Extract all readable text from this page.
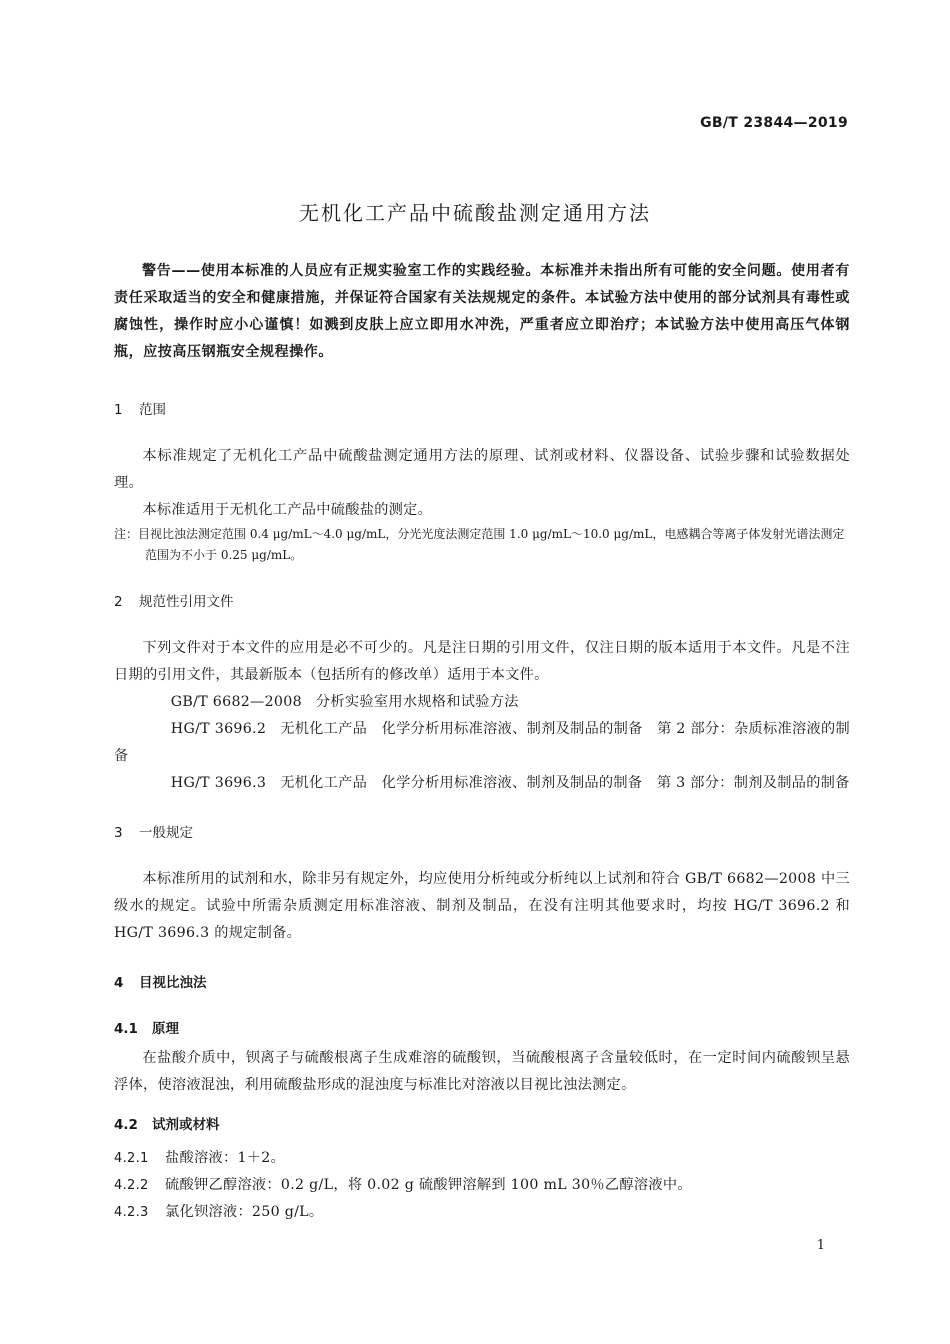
GB/T 23844—2019
无机化工产品中硫酸盐测定通用方法

警告——使用本标准的人员应有正规实验室工作的实践经验。本标准并未指出所有可能的安全问题。使用者有责任采取适当的安全和健康措施，并保证符合国家有关法规规定的条件。本试验方法中使用的部分试剂具有毒性或腐蚀性，操作时应小心谨慎！如溅到皮肤上应立即用水冲洗，严重者应立即治疗；本试验方法中使用高压气体钢瓶，应按高压钢瓶安全规程操作。

1 范围

本标准规定了无机化工产品中硫酸盐测定通用方法的原理、试剂或材料、仪器设备、试验步骤和试验数据处理。

本标准适用于无机化工产品中硫酸盐的测定。

注：目视比浊法测定范围 0.4 μg/mL～4.0 μg/mL，分光光度法测定范围 1.0 μg/mL～10.0 μg/mL，电感耦合等离子体发射光谱法测定范围为不小于 0.25 μg/mL。

2 规范性引用文件

下列文件对于本文件的应用是必不可少的。凡是注日期的引用文件，仅注日期的版本适用于本文件。凡是不注日期的引用文件，其最新版本（包括所有的修改单）适用于本文件。

GB/T 6682—2008 分析实验室用水规格和试验方法

HG/T 3696.2 无机化工产品　化学分析用标准溶液、制剂及制品的制备　第 2 部分：杂质标准溶液的制备

HG/T 3696.3 无机化工产品　化学分析用标准溶液、制剂及制品的制备　第 3 部分：制剂及制品的制备

3 一般规定

本标准所用的试剂和水，除非另有规定外，均应使用分析纯或分析纯以上试剂和符合 GB/T 6682—2008 中三级水的规定。试验中所需杂质测定用标准溶液、制剂及制品，在没有注明其他要求时，均按 HG/T 3696.2 和 HG/T 3696.3 的规定制备。

4 目视比浊法

4.1 原理

在盐酸介质中，钡离子与硫酸根离子生成难溶的硫酸钡，当硫酸根离子含量较低时，在一定时间内硫酸钡呈悬浮体，使溶液混浊，利用硫酸盐形成的混浊度与标准比对溶液以目视比浊法测定。

4.2 试剂或材料

4.2.1 盐酸溶液：1＋2。

4.2.2 硫酸钾乙醇溶液：0.2 g/L，将 0.02 g 硫酸钾溶解到 100 mL 30％乙醇溶液中。

4.2.3 氯化钡溶液：250 g/L。

1
